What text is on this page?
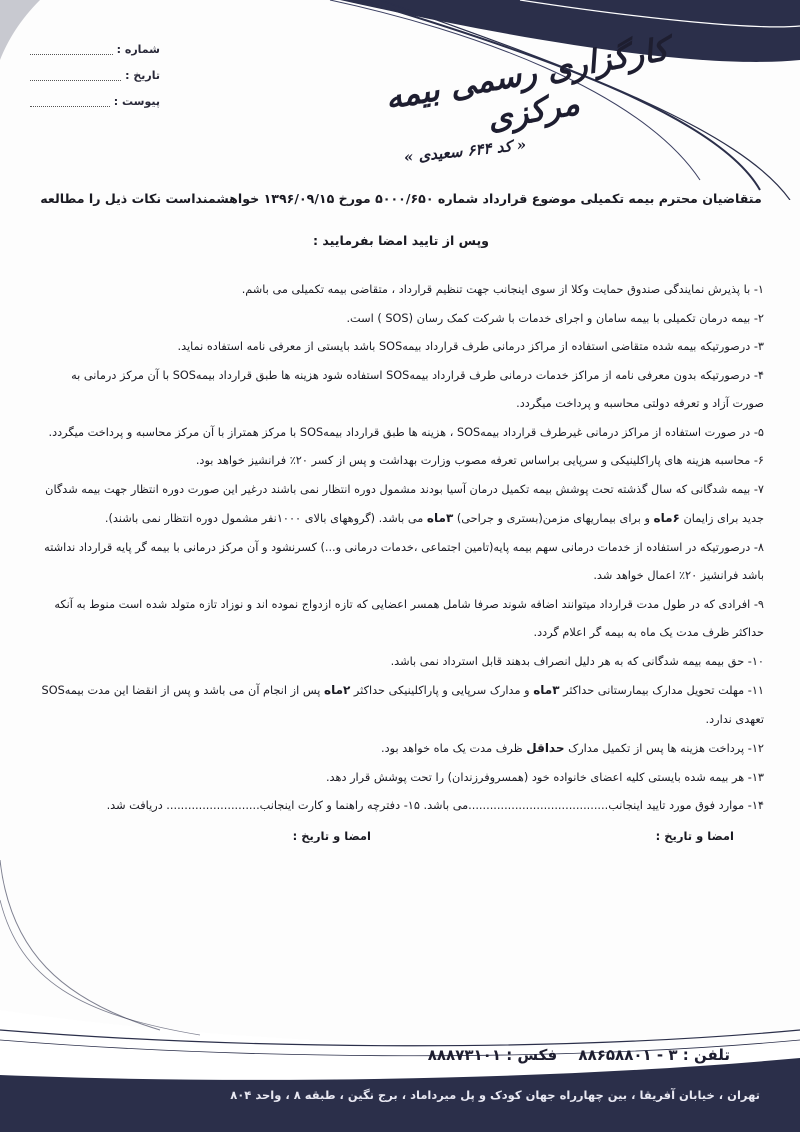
شماره :
تاریخ :
پیوست :	کارگزاری رسمی بیمه مرکزی
« کد ۶۴۴ سعیدی »
متقاضیان محترم بیمه تکمیلی موضوع قرارداد شماره ۵۰۰۰/۶۵۰ مورخ ۱۳۹۶/۰۹/۱۵ خواهشمنداست نکات ذیل را مطالعه
وپس از تایید امضا بفرمایید :

۱- با پذیرش نمایندگی صندوق حمایت وکلا از سوی اینجانب جهت تنظیم قرارداد ، متقاضی بیمه تکمیلی می باشم.

۲- بیمه درمان تکمیلی با بیمه سامان و اجرای خدمات با شرکت کمک رسان (SOS ) است.

۳- درصورتیکه بیمه شده متقاضی استفاده از مراکز درمانی طرف قرارداد بیمهSOS باشد بایستی از معرفی نامه استفاده نماید.

۴- درصورتیکه بدون معرفی نامه از مراکز خدمات درمانی طرف قرارداد بیمهSOS استفاده شود هزینه ها طبق قرارداد بیمهSOS با آن مرکز درمانی به صورت آزاد و تعرفه دولتی محاسبه و پرداخت میگردد.

۵- در صورت استفاده از مراکز درمانی غیرطرف قرارداد بیمهSOS ، هزینه ها طبق قرارداد بیمهSOS با مرکز همتراز با آن مرکز محاسبه و پرداخت میگردد.

۶- محاسبه هزینه های پاراکلینیکی و سرپایی براساس تعرفه مصوب وزارت بهداشت و پس از کسر ۲۰٪ فرانشیز خواهد بود.

۷- بیمه شدگانی که سال گذشته تحت پوشش بیمه تکمیل درمان آسیا بودند مشمول دوره انتظار نمی باشند درغیر این صورت دوره انتظار جهت بیمه شدگان جدید برای زایمان ۶ماه و برای بیماریهای مزمن(بستری و جراحی) ۳ماه می باشد. (گروههای بالای ۱۰۰۰نفر مشمول دوره انتظار نمی باشند).

۸- درصورتیکه در استفاده از خدمات درمانی سهم بیمه پایه(تامین اجتماعی ،خدمات درمانی و...) کسرنشود و آن مرکز درمانی با بیمه گر پایه قرارداد نداشته باشد فرانشیز ۲۰٪ اعمال خواهد شد.

۹- افرادی که در طول مدت قرارداد میتوانند اضافه شوند صرفا شامل همسر اعضایی که تازه ازدواج نموده اند و نوزاد تازه متولد شده است منوط به آنکه حداکثر ظرف مدت یک ماه به بیمه گر اعلام گردد.

۱۰- حق بیمه بیمه شدگانی که به هر دلیل انصراف بدهند قابل استرداد نمی باشد.

۱۱- مهلت تحویل مدارک بیمارستانی حداکثر ۳ماه و مدارک سرپایی و پاراکلینیکی حداکثر ۲ماه پس از انجام آن می باشد و پس از انقضا این مدت بیمهSOS تعهدی ندارد.

۱۲- پرداخت هزینه ها پس از تکمیل مدارک حداقل ظرف مدت یک ماه خواهد بود.

۱۳- هر بیمه شده بایستی کلیه اعضای خانواده خود (همسروفرزندان) را تحت پوشش قرار دهد.

۱۴- موارد فوق مورد تایید اینجانب.......................................می باشد. ۱۵- دفترچه راهنما و کارت اینجانب.......................... دریافت شد.

امضا و تاریخ :
امضا و تاریخ :
تلفن : ۳ - ۸۸۶۵۸۸۰۱ فکس : ۸۸۸۷۳۱۰۱
تهران ، خیابان آفریقا ، بین چهارراه جهان کودک و پل میرداماد ، برج نگین ، طبقه ۸ ، واحد ۸۰۴
